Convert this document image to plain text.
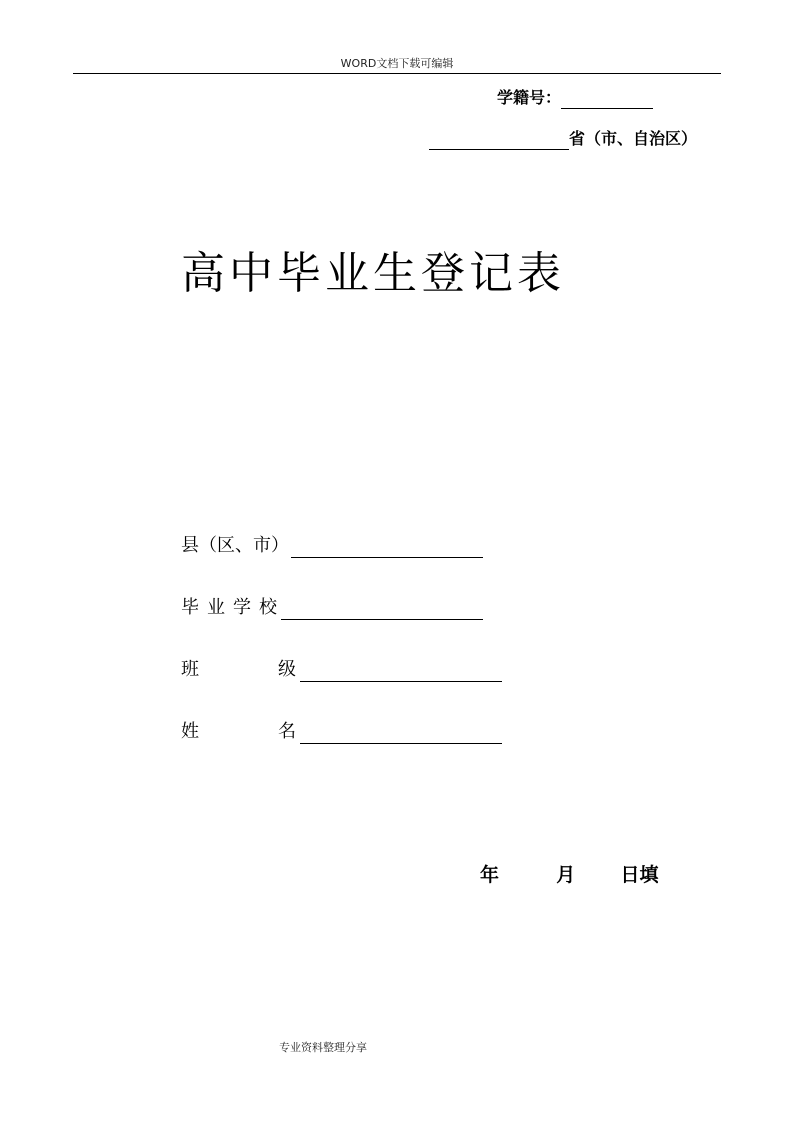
WORD文档下载可编辑
学籍号：
省（市、自治区）
高中毕业生登记表
县（区、市）
毕业学校
班	级
姓	名
年	月 日填
专业资料整理分享
